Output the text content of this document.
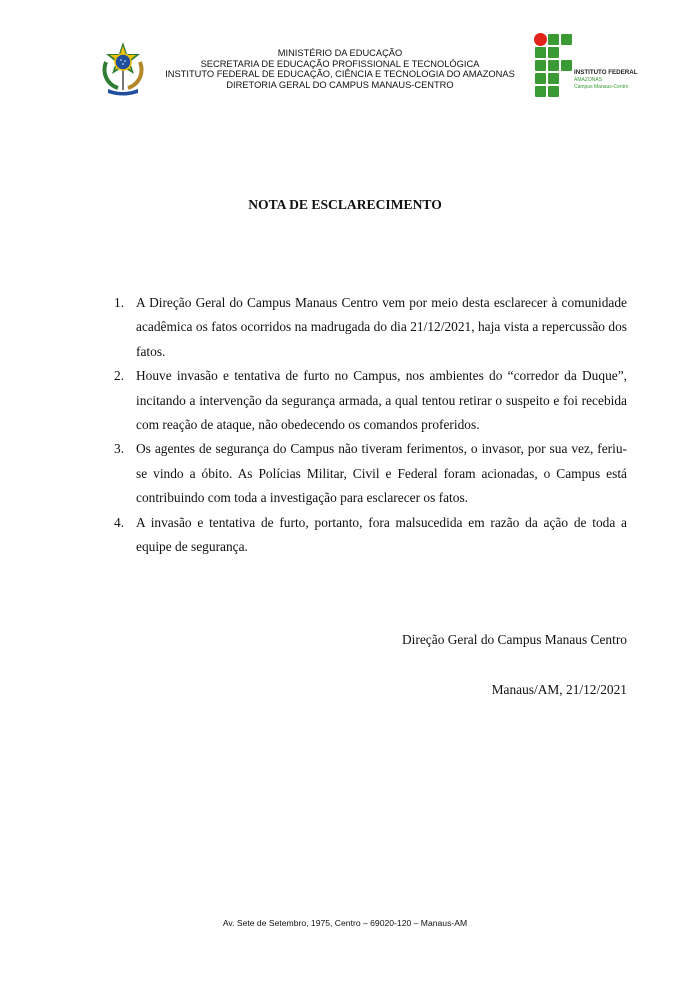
MINISTÉRIO DA EDUCAÇÃO
SECRETARIA DE EDUCAÇÃO PROFISSIONAL E TECNOLÓGICA
INSTITUTO FEDERAL DE EDUCAÇÃO, CIÊNCIA E TECNOLOGIA DO AMAZONAS
DIRETORIA GERAL DO CAMPUS MANAUS-CENTRO
INSTITUTO FEDERAL
AMAZONAS
Campus Manaus-Centro
NOTA DE ESCLARECIMENTO
1. A Direção Geral do Campus Manaus Centro vem por meio desta esclarecer à comunidade acadêmica os fatos ocorridos na madrugada do dia 21/12/2021, haja vista a repercussão dos fatos.
2. Houve invasão e tentativa de furto no Campus, nos ambientes do “corredor da Duque”, incitando a intervenção da segurança armada, a qual tentou retirar o suspeito e foi recebida com reação de ataque, não obedecendo os comandos proferidos.
3. Os agentes de segurança do Campus não tiveram ferimentos, o invasor, por sua vez, feriu-se vindo a óbito. As Polícias Militar, Civil e Federal foram acionadas, o Campus está contribuindo com toda a investigação para esclarecer os fatos.
4. A invasão e tentativa de furto, portanto, fora malsucedida em razão da ação de toda a equipe de segurança.
Direção Geral do Campus Manaus Centro
Manaus/AM, 21/12/2021
Av. Sete de Setembro, 1975, Centro – 69020-120 – Manaus-AM
